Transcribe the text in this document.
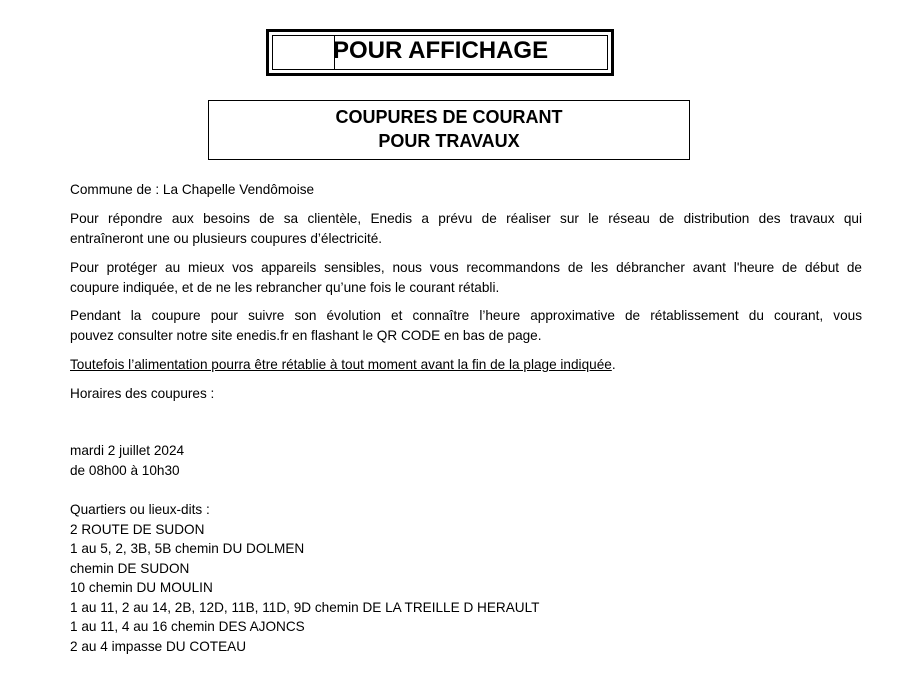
POUR AFFICHAGE
COUPURES DE COURANT
POUR TRAVAUX
Commune de : La Chapelle Vendômoise
Pour répondre aux besoins de sa clientèle, Enedis a prévu de réaliser sur le réseau de distribution des travaux qui
entraîneront une ou plusieurs coupures d’électricité.
Pour protéger au mieux vos appareils sensibles, nous vous recommandons de les débrancher avant l'heure de début de
coupure indiquée, et de ne les rebrancher qu’une fois le courant rétabli.
Pendant la coupure pour suivre son évolution et connaître l’heure approximative de rétablissement du courant, vous
pouvez consulter notre site enedis.fr en flashant le QR CODE en bas de page.
Toutefois l’alimentation pourra être rétablie à tout moment avant la fin de la plage indiquée.
Horaires des coupures :
mardi 2 juillet 2024
de 08h00 à 10h30
Quartiers ou lieux-dits :
2 ROUTE DE SUDON
1 au 5, 2, 3B, 5B chemin DU DOLMEN
chemin DE SUDON
10 chemin DU MOULIN
1 au 11, 2 au 14, 2B, 12D, 11B, 11D, 9D chemin DE LA TREILLE D HERAULT
1 au 11, 4 au 16 chemin DES AJONCS
2 au 4 impasse DU COTEAU
